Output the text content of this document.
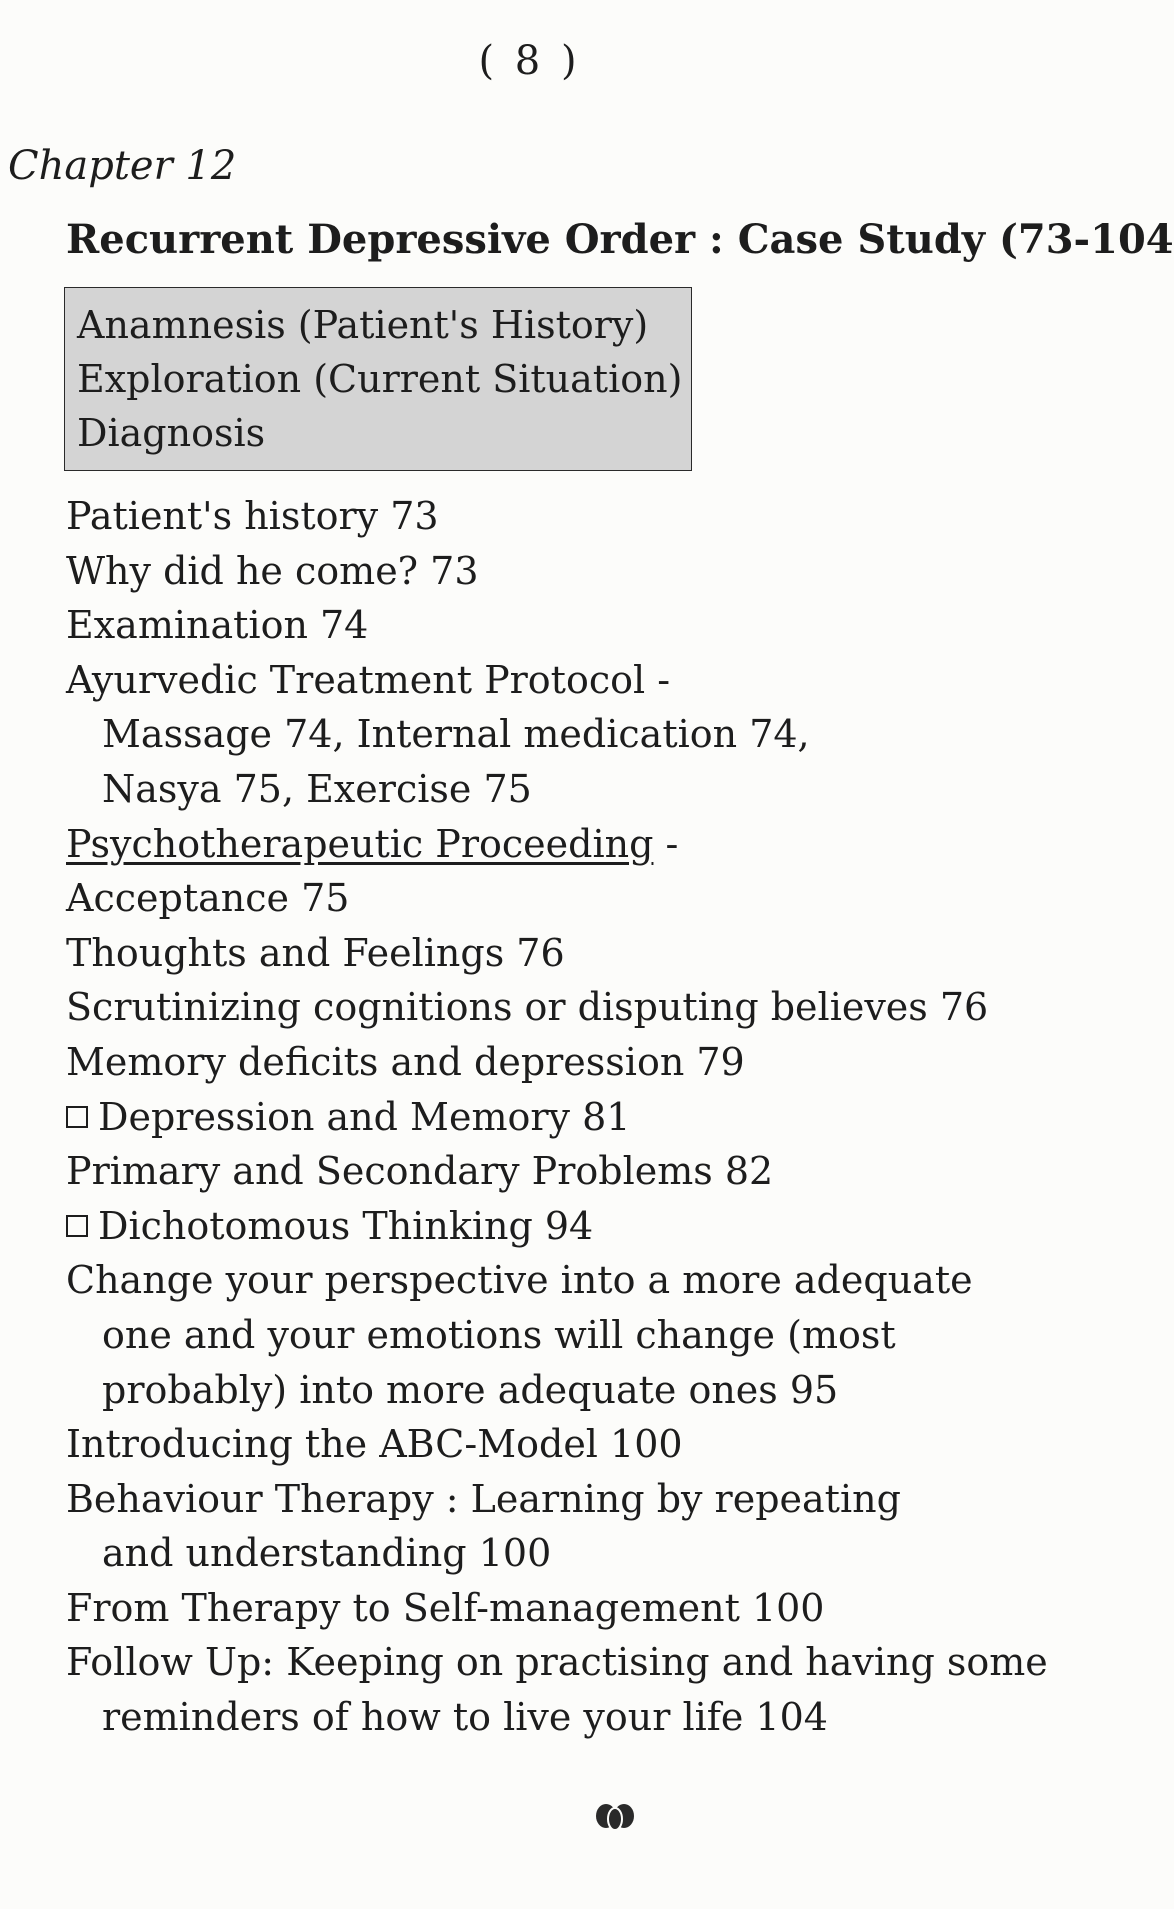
( 8 )
Chapter 12
Recurrent Depressive Order : Case Study (73-104
Anamnesis (Patient's History)
Exploration (Current Situation)
Diagnosis
Patient's history 73
Why did he come? 73
Examination 74
Ayurvedic Treatment Protocol -
Massage 74, Internal medication 74,
Nasya 75, Exercise 75
Psychotherapeutic Proceeding -
Acceptance 75
Thoughts and Feelings 76
Scrutinizing cognitions or disputing believes 76
Memory deficits and depression 79
Depression and Memory 81
Primary and Secondary Problems 82
Dichotomous Thinking 94
Change your perspective into a more adequate
one and your emotions will change (most
probably) into more adequate ones 95
Introducing the ABC-Model 100
Behaviour Therapy : Learning by repeating
and understanding 100
From Therapy to Self-management 100
Follow Up: Keeping on practising and having some
reminders of how to live your life 104
